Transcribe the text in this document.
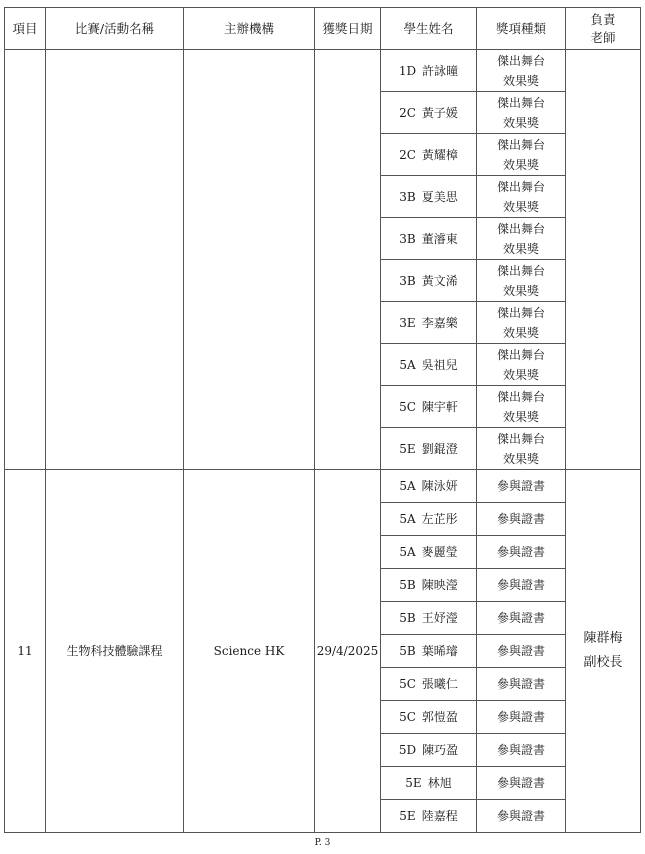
項目	比賽/活動名稱	主辦機構	獲獎日期	學生姓名	獎項種類	負責
老師

				1D 許詠曈	傑出舞台
效果獎	

				2C 黃子媛	傑出舞台
效果獎	

				2C 黃耀樟	傑出舞台
效果獎	

				3B 夏美思	傑出舞台
效果獎	

				3B 董濬東	傑出舞台
效果獎	

				3B 黃文浠	傑出舞台
效果獎	

				3E 李嘉樂	傑出舞台
效果獎	

				5A 吳祖兒	傑出舞台
效果獎	

				5C 陳宇軒	傑出舞台
效果獎	

				5E 劉錕澄	傑出舞台
效果獎	

11	生物科技體驗課程	Science HK	29/4/2025	5A 陳泳妍	參與證書	陳群梅
副校長

				5A 左芷彤	參與證書	
				5A 麥麗瑩	參與證書	
				5B 陳映瀅	參與證書	
				5B 王妤瀅	參與證書	
				5B 葉晞璿	參與證書	
				5C 張曦仁	參與證書	
				5C 郭愷盈	參與證書	
				5D 陳巧盈	參與證書	
				5E 林旭	參與證書	
				5E 陸嘉程	參與證書	
P. 3
